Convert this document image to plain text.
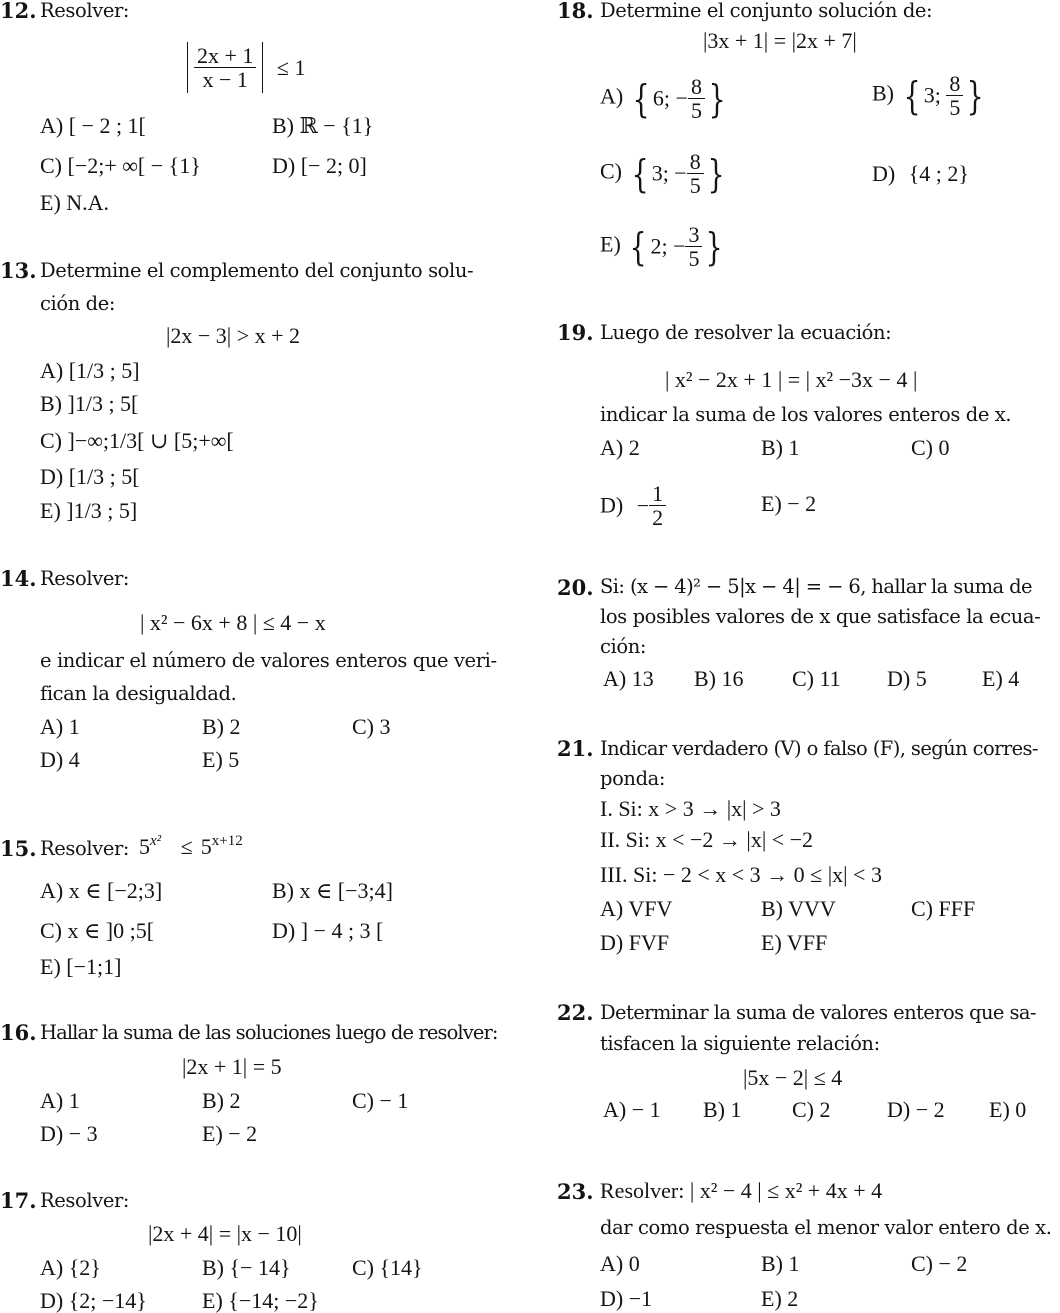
12. Resolver:
$\frac{2x + 1}{x - 1} \le 1$
A) [ − 2 ; 1[	B) ℝ − {1}
C) [−2;+ ∞[ − {1}	D) [− 2; 0]
E) N.A.
13. Determine el complemento del conjunto solu-
ción de:
|2x − 3| > x + 2
A) [1/3 ; 5]
B) ]1/3 ; 5[
C) ]−∞;1/3[ ∪ [5;+∞[
D) [1/3 ; 5[
E) ]1/3 ; 5]
14. Resolver:
| x² − 6x + 8 | ≤ 4 − x
e indicar el número de valores enteros que veri-
fican la desigualdad.
A) 1	B) 2	C) 3
D) 4	E) 5
15. Resolver: $5^{x^2} \le 5^{x+12}$
A) x ∈ [−2;3]	B) x ∈ [−3;4]
C) x ∈ ]0 ;5[	D) ] − 4 ; 3 [
E) [−1;1]
16. Hallar la suma de las soluciones luego de resolver:
|2x + 1| = 5
A) 1	B) 2	C) − 1
D) − 3	E) − 2
17. Resolver:
|2x + 4| = |x − 10|
A) {2}	B) {− 14}	C) {14}
D) {2; −14}	E) {−14; −2}
18. Determine el conjunto solución de:
|3x + 1| = |2x + 7|
A) { 6; − $\frac{8}{5}$ }	B) { 3; $\frac{8}{5}$ }
C) { 3; − $\frac{8}{5}$ }	D) {4 ; 2}
E) { 2; − $\frac{3}{5}$ }
19. Luego de resolver la ecuación:
| x² − 2x + 1 | = | x² −3x − 4 |
indicar la suma de los valores enteros de x.
A) 2	B) 1	C) 0
$D) - \frac{1}{2}$	E) − 2
20. Si: (x − 4)² − 5|x − 4| = − 6, hallar la suma de
los posibles valores de x que satisface la ecua-
ción:
A) 13 B) 16 C) 11 D) 5	E) 4
21. Indicar verdadero (V) o falso (F), según corres-
ponda:
I. Si: x > 3 → |x| > 3
II. Si: x < −2 → |x| < −2
III. Si: − 2 < x < 3 → 0 ≤ |x| < 3
A) VFV	B) VVV	C) FFF
D) FVF	E) VFF
22. Determinar la suma de valores enteros que sa-
tisfacen la siguiente relación:
|5x − 2| ≤ 4
A) − 1 B) 1 C) 2	D) − 2 E) 0
23. Resolver: | x² − 4 | ≤ x² + 4x + 4
dar como respuesta el menor valor entero de x.
A) 0	B) 1	C) − 2
D) −1	E) 2
